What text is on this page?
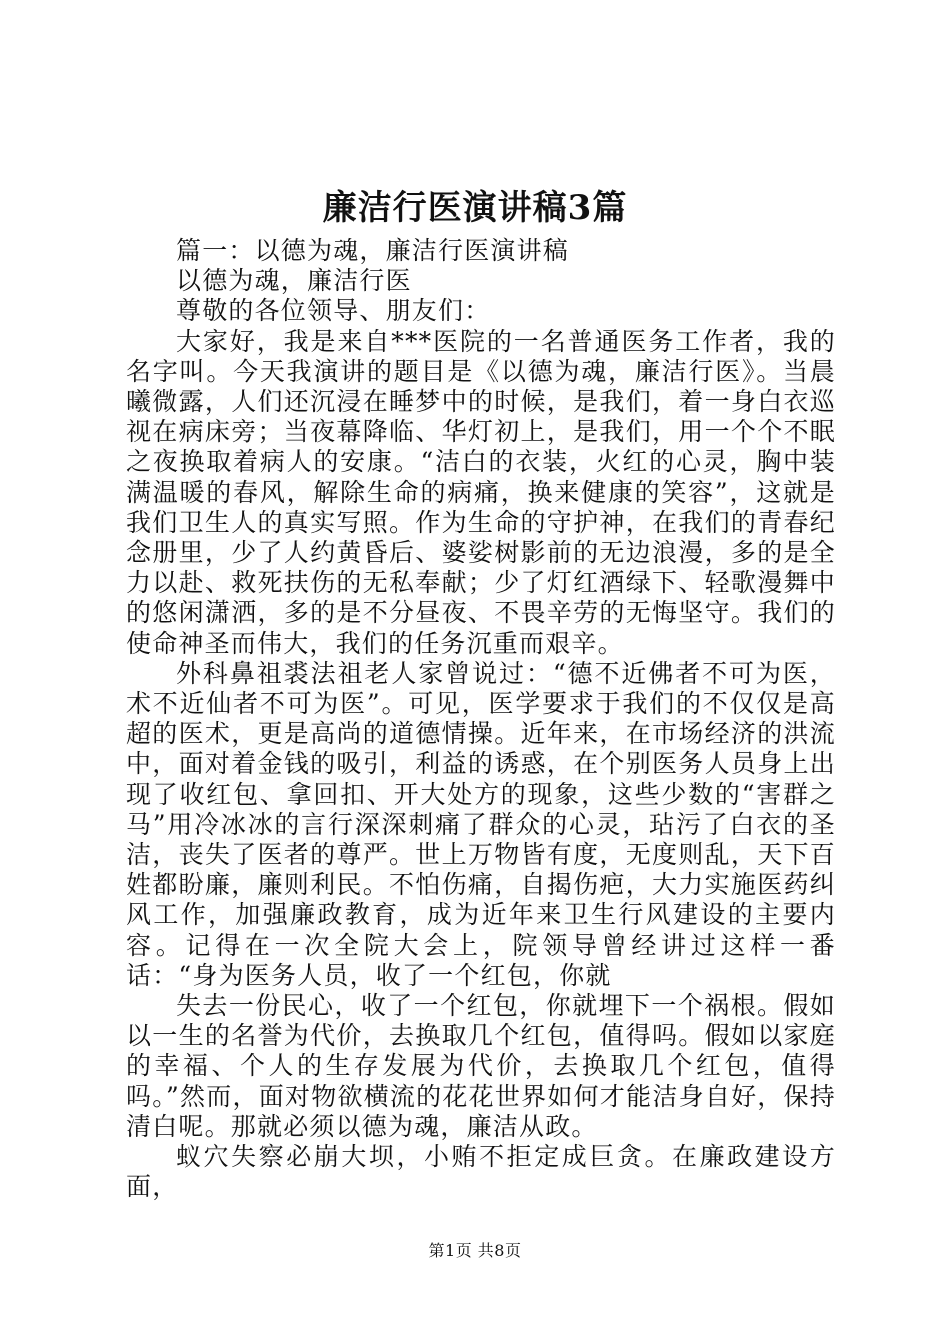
廉洁行医演讲稿3篇

篇一：以德为魂，廉洁行医演讲稿

以德为魂，廉洁行医

尊敬的各位领导、朋友们：

大家好，我是来自***医院的一名普通医务工作者，我的名字叫。今天我演讲的题目是《以德为魂，廉洁行医》。当晨曦微露，人们还沉浸在睡梦中的时候，是我们，着一身白衣巡视在病床旁；当夜幕降临、华灯初上，是我们，用一个个不眠之夜换取着病人的安康。“洁白的衣装，火红的心灵，胸中装满温暖的春风，解除生命的病痛，换来健康的笑容”，这就是我们卫生人的真实写照。作为生命的守护神，在我们的青春纪念册里，少了人约黄昏后、婆娑树影前的无边浪漫，多的是全力以赴、救死扶伤的无私奉献；少了灯红酒绿下、轻歌漫舞中的悠闲潇洒，多的是不分昼夜、不畏辛劳的无悔坚守。我们的使命神圣而伟大，我们的任务沉重而艰辛。

外科鼻祖裘法祖老人家曾说过：“德不近佛者不可为医，术不近仙者不可为医”。可见，医学要求于我们的不仅仅是高超的医术，更是高尚的道德情操。近年来，在市场经济的洪流中，面对着金钱的吸引，利益的诱惑，在个别医务人员身上出现了收红包、拿回扣、开大处方的现象，这些少数的“害群之马”用冷冰冰的言行深深刺痛了群众的心灵，玷污了白衣的圣洁，丧失了医者的尊严。世上万物皆有度，无度则乱，天下百姓都盼廉，廉则利民。不怕伤痛，自揭伤疤，大力实施医药纠风工作，加强廉政教育，成为近年来卫生行风建设的主要内容。记得在一次全院大会上，院领导曾经讲过这样一番话：“身为医务人员，收了一个红包，你就

失去一份民心，收了一个红包，你就埋下一个祸根。假如以一生的名誉为代价，去换取几个红包，值得吗。假如以家庭的幸福、个人的生存发展为代价，去换取几个红包，值得吗。”然而，面对物欲横流的花花世界如何才能洁身自好，保持清白呢。那就必须以德为魂，廉洁从政。

蚁穴失察必崩大坝，小贿不拒定成巨贪。在廉政建设方面，

第1页 共8页
